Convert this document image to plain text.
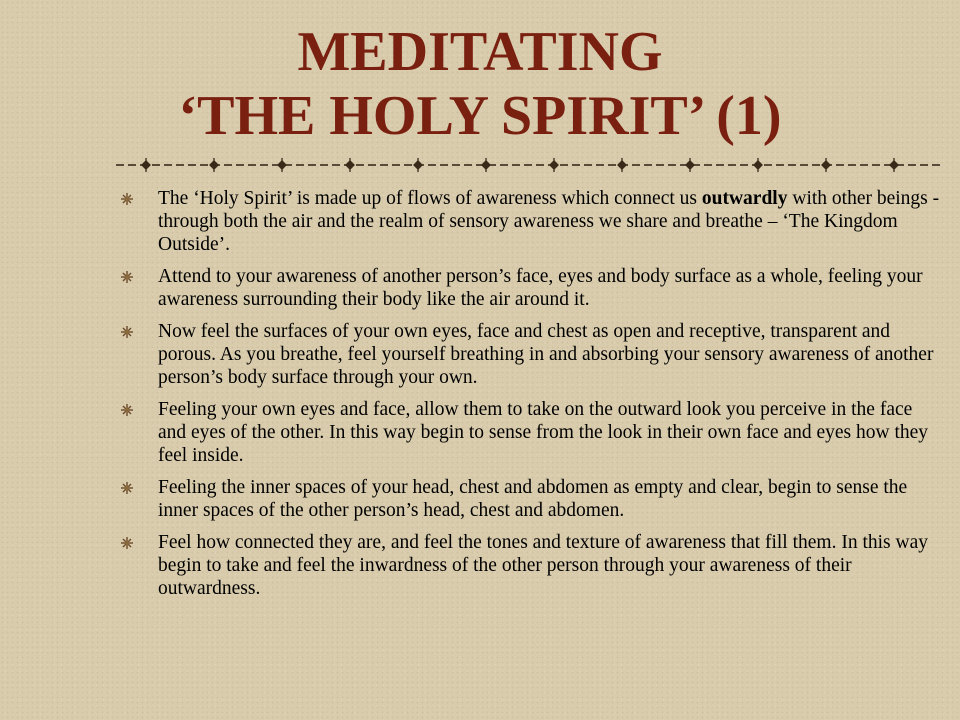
MEDITATING
‘THE HOLY SPIRIT’ (1)
The ‘Holy Spirit’ is made up of flows of awareness which connect us outwardly with other beings - through both the air and the realm of sensory awareness we share and breathe – ‘The Kingdom Outside’.
Attend to your awareness of another person’s face, eyes and body surface as a whole, feeling your awareness surrounding their body like the air around it.
Now feel the surfaces of your own eyes, face and chest as open and receptive, transparent and porous. As you breathe, feel yourself breathing in and absorbing your sensory awareness of another person’s body surface through your own.
Feeling your own eyes and face, allow them to take on the outward look you perceive in the face and eyes of the other. In this way begin to sense from the look in their own face and eyes how they feel inside.
Feeling the inner spaces of your head, chest and abdomen as empty and clear, begin to sense the inner spaces of the other person’s head, chest and abdomen.
Feel how connected they are, and feel the tones and texture of awareness that fill them. In this way begin to take and feel the inwardness of the other person through your awareness of their outwardness.
